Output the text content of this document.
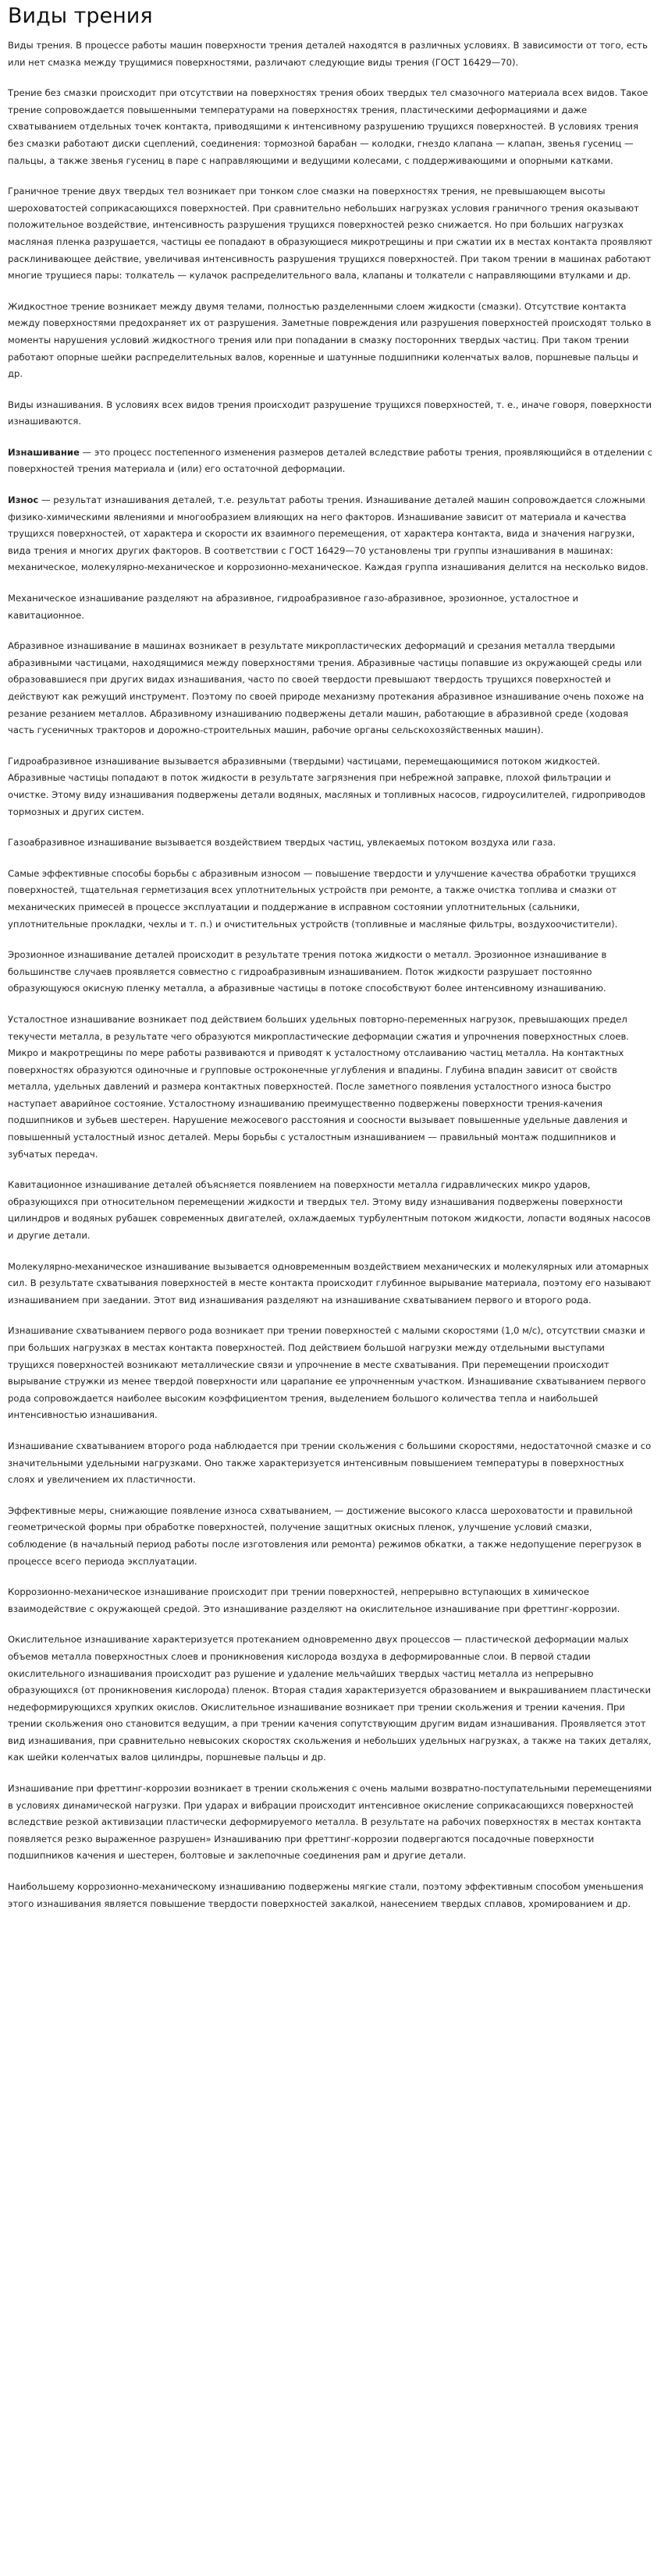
Виды трения

Виды трения. В процессе работы машин поверхности трения деталей находятся в различных условиях. В зависимости от того, есть или нет смазка между трущимися поверхностями, различают следующие виды трения (ГОСТ 16429—70).

Трение без смазки происходит при отсутствии на поверхностях трения обоих твердых тел смазочного материала всех видов. Такое трение сопровождается повышенными температурами на поверхностях трения, пластическими деформациями и даже схватыванием отдельных точек контакта, приводящими к интенсивному разрушению трущихся поверхностей. В условиях трения без смазки работают диски сцеплений, соединения: тормозной барабан — колодки, гнездо клапана — клапан, звенья гусениц — пальцы, а также звенья гусениц в паре с направляющими и ведущими колесами, с поддерживающими и опорными катками.

Граничное трение двух твердых тел возникает при тонком слое смазки на поверхностях трения, не превышающем высоты шероховатостей соприкасающихся поверхностей. При сравнительно небольших нагрузках условия граничного трения оказывают положительное воздействие, интенсивность разрушения трущихся поверхностей резко снижается. Но при больших нагрузках масляная пленка разрушается, частицы ее попадают в образующиеся микротрещины и при сжатии их в местах контакта проявляют расклинивающее действие, увеличивая интенсивность разрушения трущихся поверхностей. При таком трении в машинах работают многие трущиеся пары: толкатель — кулачок распределительного вала, клапаны и толкатели с направляющими втулками и др.

Жидкостное трение возникает между двумя телами, полностью разделенными слоем жидкости (смазки). Отсутствие контакта между поверхностями предохраняет их от разрушения. Заметные повреждения или разрушения поверхностей происходят только в моменты нарушения условий жидкостного трения или при попадании в смазку посторонних твердых частиц. При таком трении работают опорные шейки распределительных валов, коренные и шатунные подшипники коленчатых валов, поршневые пальцы и др.

Виды изнашивания. В условиях всех видов трения происходит разрушение трущихся поверхностей, т. е., иначе говоря, поверхности изнашиваются.

Изнашивание — это процесс постепенного изменения размеров деталей вследствие работы трения, проявляющийся в отделении с поверхностей трения материала и (или) его остаточной деформации.

Износ — результат изнашивания деталей, т.е. результат работы трения. Изнашивание деталей машин сопровождается сложными физико-химическими явлениями и многообразием влияющих на него факторов. Изнашивание зависит от материала и качества трущихся поверхностей, от характера и скорости их взаимного перемещения, от характера контакта, вида и значения нагрузки, вида трения и многих других факторов. В соответствии с ГОСТ 16429—70 установлены три группы изнашивания в машинах: механическое, молекулярно-механическое и коррозионно-механическое. Каждая группа изнашивания делится на несколько видов.

Механическое изнашивание разделяют на абразивное, гидроабразивное газо-абразивное, эрозионное, усталостное и кавитационное.

Абразивное изнашивание в машинах возникает в результате микропластических деформаций и срезания металла твердыми абразивными частицами, находящимися между поверхностями трения. Абразивные частицы попавшие из окружающей среды или образовавшиеся при других видах изнашивания, часто по своей твердости превышают твердость трущихся поверхностей и действуют как режущий инструмент. Поэтому по своей природе механизму протекания абразивное изнашивание очень похоже на резание резанием металлов. Абразивному изнашиванию подвержены детали машин, работающие в абразивной среде (ходовая часть гусеничных тракторов и дорожно-строительных машин, рабочие органы сельскохозяйственных машин).

Гидроабразивное изнашивание вызывается абразивными (твердыми) частицами, перемещающимися потоком жидкостей. Абразивные частицы попадают в поток жидкости в результате загрязнения при небрежной заправке, плохой фильтрации и очистке. Этому виду изнашивания подвержены детали водяных, масляных и топливных насосов, гидроусилителей, гидроприводов тормозных и других систем.

Газоабразивное изнашивание вызывается воздействием твердых частиц, увлекаемых потоком воздуха или газа.

Самые эффективные способы борьбы с абразивным износом — повышение твердости и улучшение качества обработки трущихся поверхностей, тщательная герметизация всех уплотнительных устройств при ремонте, а также очистка топлива и смазки от механических примесей в процессе эксплуатации и поддержание в исправном состоянии уплотнительных (сальники, уплотнительные прокладки, чехлы и т. п.) и очистительных устройств (топливные и масляные фильтры, воздухоочистители).

Эрозионное изнашивание деталей происходит в результате трения потока жидкости о металл. Эрозионное изнашивание в большинстве случаев проявляется совместно с гидроабразивным изнашиванием. Поток жидкости разрушает постоянно образующуюся окисную пленку металла, а абразивные частицы в потоке способствуют более интенсивному изнашиванию.

Усталостное изнашивание возникает под действием больших удельных повторно-переменных нагрузок, превышающих предел текучести металла, в результате чего образуются микропластические деформации сжатия и упрочнения поверхностных слоев. Микро и макротрещины по мере работы развиваются и приводят к усталостному отслаиванию частиц металла. На контактных поверхностях образуются одиночные и групповые остроконечные углубления и впадины. Глубина впадин зависит от свойств металла, удельных давлений и размера контактных поверхностей. После заметного появления усталостного износа быстро наступает аварийное состояние. Усталостному изнашиванию преимущественно подвержены поверхности трения-качения подшипников и зубьев шестерен. Нарушение межосевого расстояния и соосности вызывает повышенные удельные давления и повышенный усталостный износ деталей. Меры борьбы с усталостным изнашиванием — правильный монтаж подшипников и зубчатых передач.

Кавитационное изнашивание деталей объясняется появлением на поверхности металла гидравлических микро ударов, образующихся при относительном перемещении жидкости и твердых тел. Этому виду изнашивания подвержены поверхности цилиндров и водяных рубашек современных двигателей, охлаждаемых турбулентным потоком жидкости, лопасти водяных насосов и другие детали.

Молекулярно-механическое изнашивание вызывается одновременным воздействием механических и молекулярных или атомарных сил. В результате схватывания поверхностей в месте контакта происходит глубинное вырывание материала, поэтому его называют изнашиванием при заедании. Этот вид изнашивания разделяют на изнашивание схватыванием первого и второго рода.

Изнашивание схватыванием первого рода возникает при трении поверхностей с малыми скоростями (1,0 м/с), отсутствии смазки и при больших нагрузках в местах контакта поверхностей. Под действием большой нагрузки между отдельными выступами трущихся поверхностей возникают металлические связи и упрочнение в месте схватывания. При перемещении происходит вырывание стружки из менее твердой поверхности или царапание ее упрочненным участком. Изнашивание схватыванием первого рода сопровождается наиболее высоким коэффициентом трения, выделением большого количества тепла и наибольшей интенсивностью изнашивания.

Изнашивание схватыванием второго рода наблюдается при трении скольжения с большими скоростями, недостаточной смазке и со значительными удельными нагрузками. Оно также характеризуется интенсивным повышением температуры в поверхностных слоях и увеличением их пластичности.

Эффективные меры, снижающие появление износа схватыванием, — достижение высокого класса шероховатости и правильной геометрической формы при обработке поверхностей, получение защитных окисных пленок, улучшение условий смазки, соблюдение (в начальный период работы после изготовления или ремонта) режимов обкатки, а также недопущение перегрузок в процессе всего периода эксплуатации.

Коррозионно-механическое изнашивание происходит при трении поверхностей, непрерывно вступающих в химическое взаимодействие с окружающей средой. Это изнашивание разделяют на окислительное изнашивание при фреттинг-коррозии.

Окислительное изнашивание характеризуется протеканием одновременно двух процессов — пластической деформации малых объемов металла поверхностных слоев и проникновения кислорода воздуха в деформированные слои. В первой стадии окислительного изнашивания происходит раз рушение и удаление мельчайших твердых частиц металла из непрерывно образующихся (от проникновения кислорода) пленок. Вторая стадия характеризуется образованием и выкрашиванием пластически недеформирующихся хрупких окислов. Окислительное изнашивание возникает при трении скольжения и трении качения. При трении скольжения оно становится ведущим, а при трении качения сопутствующим другим видам изнашивания. Проявляется этот вид изнашивания, при сравнительно невысоких скоростях скольжения и небольших удельных нагрузках, а также на таких деталях, как шейки коленчатых валов цилиндры, поршневые пальцы и др.

Изнашивание при фреттинг-коррозии возникает в трении скольжения с очень малыми возвратно-поступательными перемещениями в условиях динамической нагрузки. При ударах и вибрации происходит интенсивное окисление соприкасающихся поверхностей вследствие резкой активизации пластически деформируемого металла. В результате на рабочих поверхностях в местах контакта появляется резко выраженное разрушен» Изнашиванию при фреттинг-коррозии подвергаются посадочные поверхности подшипников качения и шестерен, болтовые и заклепочные соединения рам и другие детали.

Наибольшему коррозионно-механическому изнашиванию подвержены мягкие стали, поэтому эффективным способом уменьшения этого изнашивания является повышение твердости поверхностей закалкой, нанесением твердых сплавов, хромированием и др.
